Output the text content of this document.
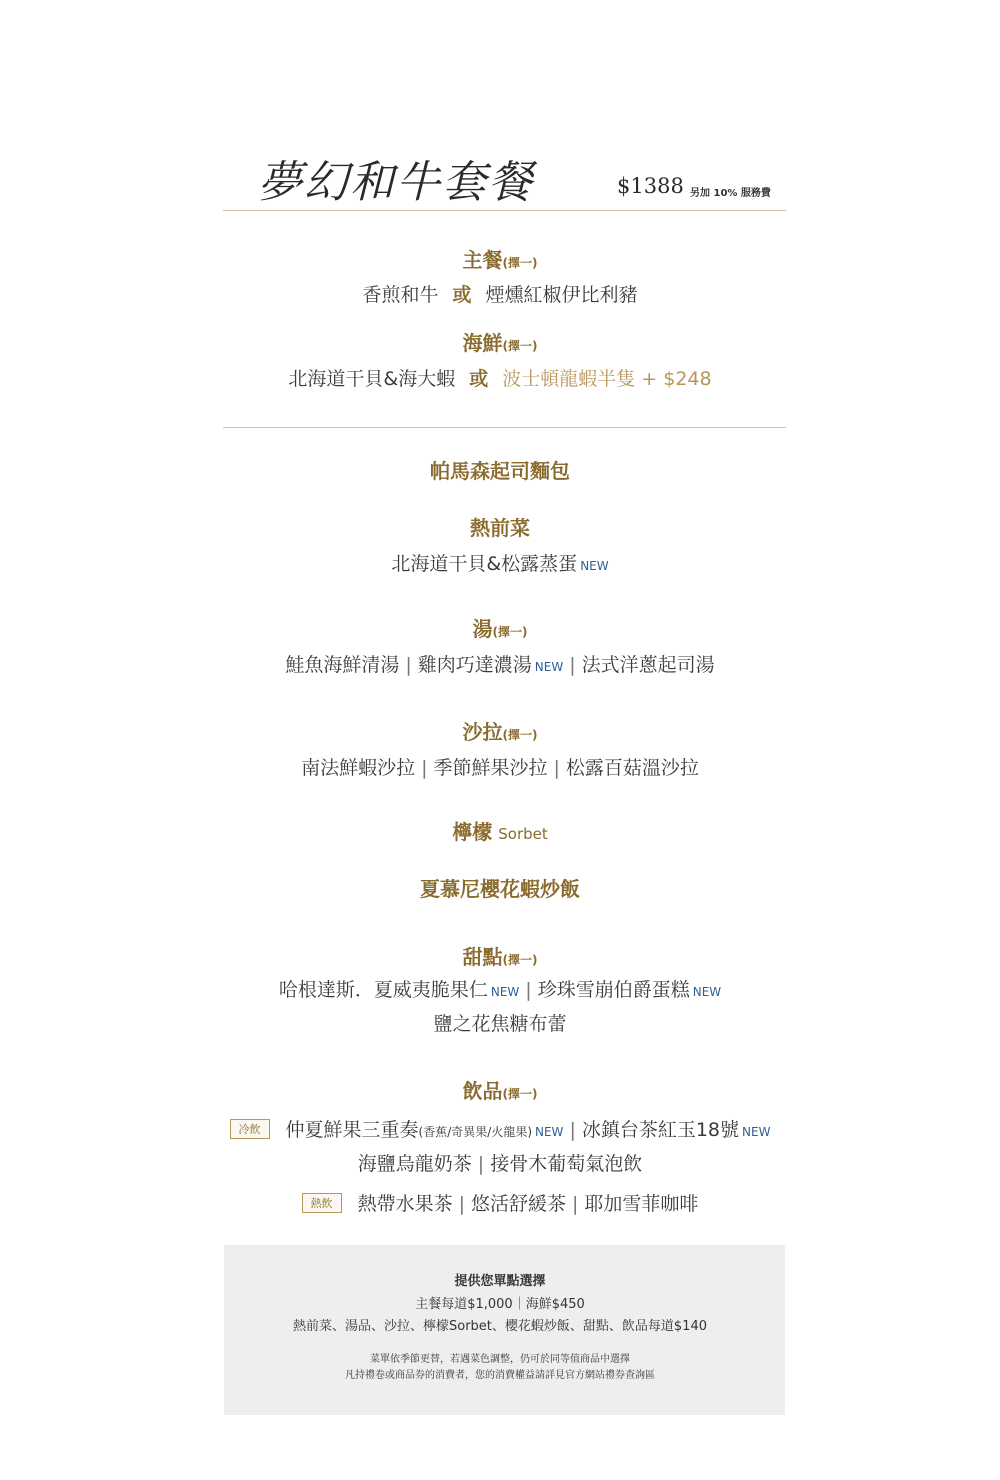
夢幻和牛套餐	$1388 另加 10% 服務費
主餐(擇一)
香煎和牛 或 煙燻紅椒伊比利豬
海鮮(擇一)
北海道干貝&海大蝦 或 波士頓龍蝦半隻 + $248
帕馬森起司麵包
熱前菜
北海道干貝&松露蒸蛋 NEW
湯(擇一)
鮭魚海鮮清湯 | 雞肉巧達濃湯 NEW | 法式洋蔥起司湯
沙拉(擇一)
南法鮮蝦沙拉 | 季節鮮果沙拉 | 松露百菇溫沙拉
檸檬 Sorbet
夏慕尼櫻花蝦炒飯
甜點(擇一)
哈根達斯．夏威夷脆果仁 NEW | 珍珠雪崩伯爵蛋糕 NEW
鹽之花焦糖布蕾
飲品(擇一)
冷飲 仲夏鮮果三重奏(香蕉/奇異果/火龍果) NEW | 冰鎮台茶紅玉18號 NEW
海鹽烏龍奶茶 | 接骨木葡萄氣泡飲
熱飲 熱帶水果茶 | 悠活舒緩茶 | 耶加雪菲咖啡
提供您單點選擇
主餐每道$1,000｜海鮮$450
熱前菜、湯品、沙拉、檸檬Sorbet、櫻花蝦炒飯、甜點、飲品每道$140
菜單依季節更替，若遇菜色調整，仍可於同等值商品中選擇
凡持禮卷或商品券的消費者，您的消費權益請詳見官方網站禮券查詢區
